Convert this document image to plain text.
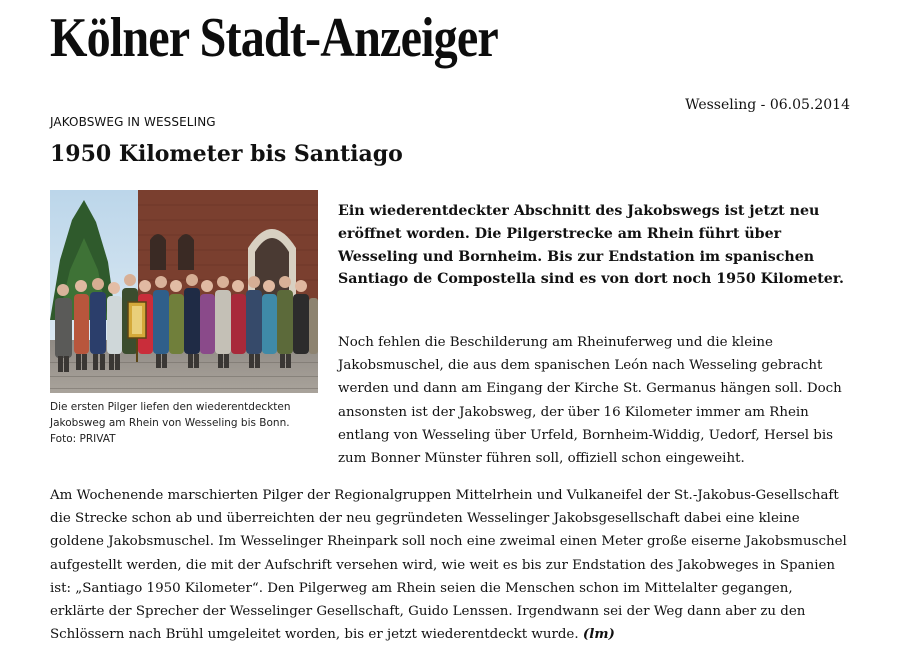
Kölner Stadt-Anzeiger
Wesseling - 06.05.2014
JAKOBSWEG IN WESSELING
1950 Kilometer bis Santiago
Die ersten Pilger liefen den wiederentdeckten
Jakobsweg am Rhein von Wesseling bis Bonn.
Foto: PRIVAT

Ein wiederentdeckter Abschnitt des Jakobswegs ist jetzt neu eröffnet worden. Die Pilgerstrecke am Rhein führt über Wesseling und Bornheim. Bis zur Endstation im spanischen Santiago de Compostella sind es von dort noch 1950 Kilometer.

Noch fehlen die Beschilderung am Rheinuferweg und die kleine Jakobsmuschel, die aus dem spanischen León nach Wesseling gebracht werden und dann am Eingang der Kirche St. Germanus hängen soll. Doch ansonsten ist der Jakobsweg, der über 16 Kilometer immer am Rhein entlang von Wesseling über Urfeld, Bornheim-Widdig, Uedorf, Hersel bis zum Bonner Münster führen soll, offiziell schon eingeweiht.

Am Wochenende marschierten Pilger der Regionalgruppen Mittelrhein und Vulkaneifel der St.-Jakobus-Gesellschaft die Strecke schon ab und überreichten der neu gegründeten Wesselinger Jakobsgesellschaft dabei eine kleine goldene Jakobsmuschel. Im Wesselinger Rheinpark soll noch eine zweimal einen Meter große eiserne Jakobsmuschel aufgestellt werden, die mit der Aufschrift versehen wird, wie weit es bis zur Endstation des Jakobweges in Spanien ist: „Santiago 1950 Kilometer“. Den Pilgerweg am Rhein seien die Menschen schon im Mittelalter gegangen, erklärte der Sprecher der Wesselinger Gesellschaft, Guido Lenssen. Irgendwann sei der Weg dann aber zu den Schlössern nach Brühl umgeleitet worden, bis er jetzt wiederentdeckt wurde. (lm)
